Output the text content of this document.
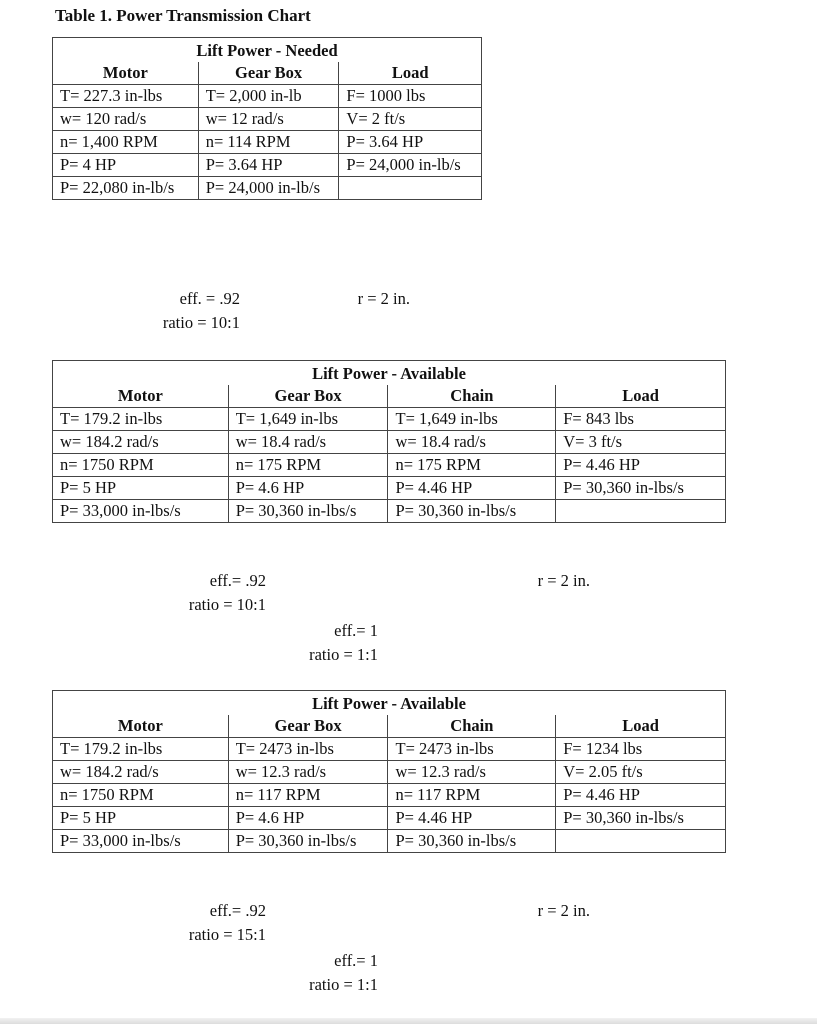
Table 1. Power Transmission Chart
Lift Power - Needed		
Motor	Gear Box	Load
T= 227.3 in-lbs	T= 2,000 in-lb	F= 1000 lbs
w= 120 rad/s	w= 12 rad/s	V= 2 ft/s
n= 1,400 RPM	n= 114 RPM	P= 3.64 HP
P= 4 HP	P= 3.64 HP	P= 24,000 in-lb/s
P= 22,080 in-lb/s	P= 24,000 in-lb/s	
eff. = .92
ratio = 10:1
r = 2 in.
Lift Power - Available			
Motor	Gear Box	Chain	Load
T= 179.2 in-lbs	T= 1,649 in-lbs	T= 1,649 in-lbs	F= 843 lbs
w= 184.2 rad/s	w= 18.4 rad/s	w= 18.4 rad/s	V= 3 ft/s
n= 1750 RPM	n= 175 RPM	n= 175 RPM	P= 4.46 HP
P= 5 HP	P= 4.6 HP	P= 4.46 HP	P= 30,360 in-lbs/s
P= 33,000 in-lbs/s	P= 30,360 in-lbs/s	P= 30,360 in-lbs/s	
eff.= .92
ratio = 10:1
r = 2 in.
eff.= 1
ratio = 1:1
Lift Power - Available			
Motor	Gear Box	Chain	Load
T= 179.2 in-lbs	T= 2473 in-lbs	T= 2473 in-lbs	F= 1234 lbs
w= 184.2 rad/s	w= 12.3 rad/s	w= 12.3 rad/s	V= 2.05 ft/s
n= 1750 RPM	n= 117 RPM	n= 117 RPM	P= 4.46 HP
P= 5 HP	P= 4.6 HP	P= 4.46 HP	P= 30,360 in-lbs/s
P= 33,000 in-lbs/s	P= 30,360 in-lbs/s	P= 30,360 in-lbs/s	
eff.= .92
ratio = 15:1
r = 2 in.
eff.= 1
ratio = 1:1
